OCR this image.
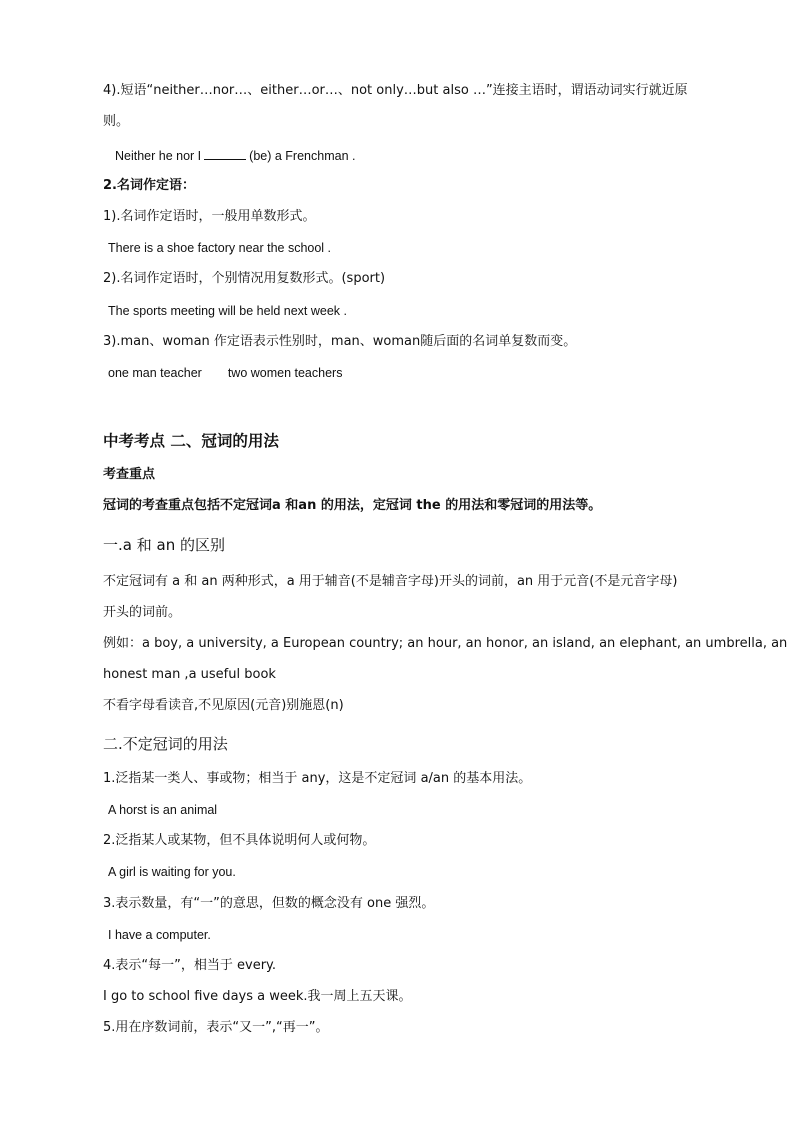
4).短语“neither…nor…、either…or…、not only…but also …”连接主语时，谓语动词实行就近原
则。
Neither he nor I	(be) a Frenchman .
2.名词作定语：
1).名词作定语时，一般用单数形式。
There is a shoe factory near the school .
2).名词作定语时，个别情况用复数形式。(sport)
The sports meeting will be held next week .
3).man、woman 作定语表示性别时，man、woman随后面的名词单复数而变。
one man teacher two women teachers
中考考点 二、冠词的用法
考查重点
冠词的考查重点包括不定冠词a 和an 的用法，定冠词 the 的用法和零冠词的用法等。
一.a 和 an 的区别
不定冠词有 a 和 an 两种形式，a 用于辅音(不是辅音字母)开头的词前，an 用于元音(不是元音字母)
开头的词前。
例如：a boy, a university, a European country; an hour, an honor, an island, an elephant, an umbrella, an
honest man ,a useful book
不看字母看读音,不见原因(元音)别施恩(n)
二.不定冠词的用法
1.泛指某一类人、事或物；相当于 any，这是不定冠词 a/an 的基本用法。
A horst is an animal
2.泛指某人或某物，但不具体说明何人或何物。
A girl is waiting for you.
3.表示数量，有“一”的意思，但数的概念没有 one 强烈。
I have a computer.
4.表示“每一”，相当于 every.
I go to school five days a week.我一周上五天课。
5.用在序数词前，表示“又一”,“再一”。
